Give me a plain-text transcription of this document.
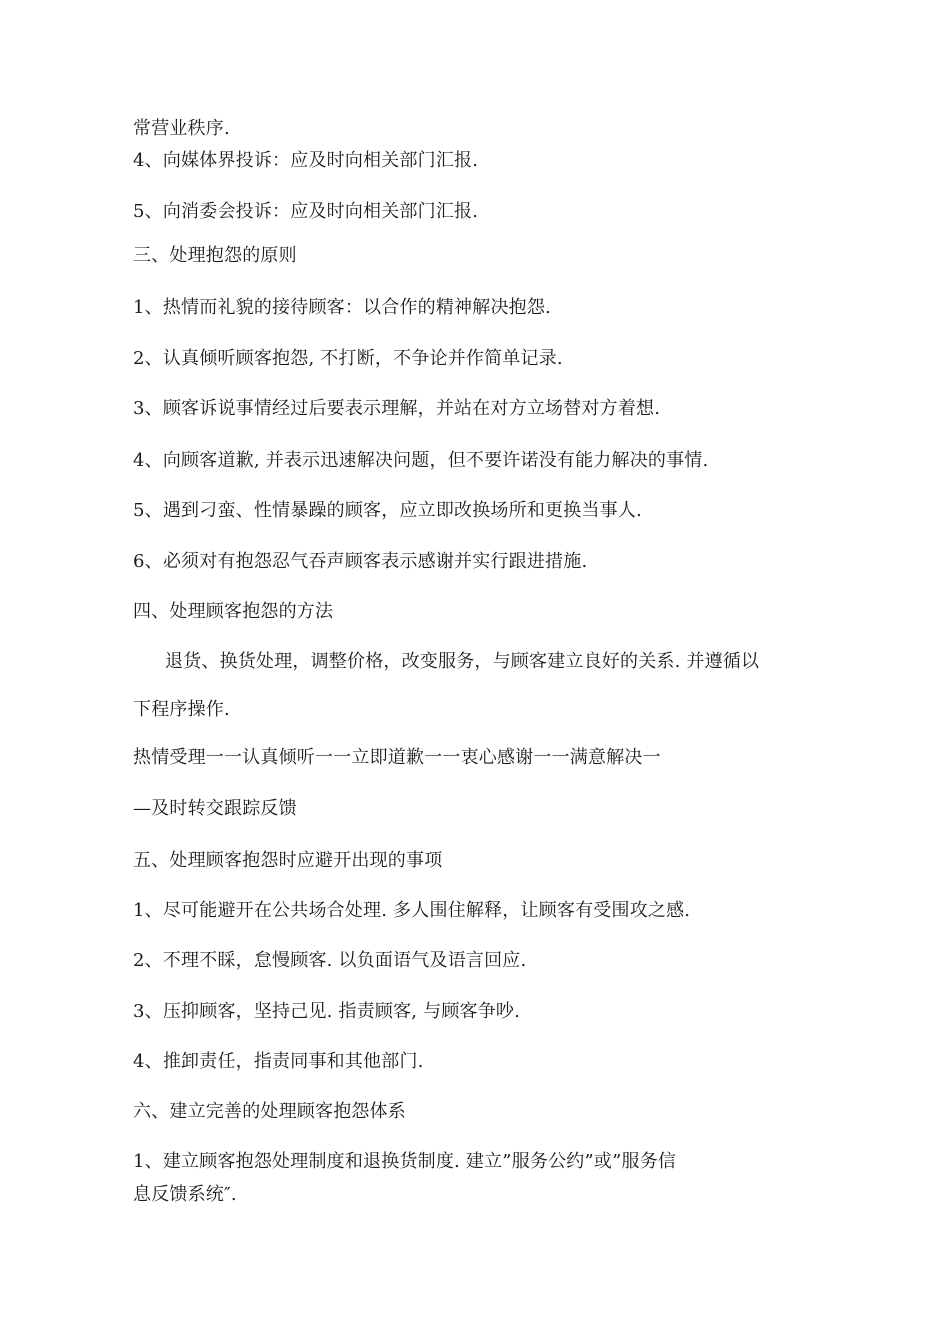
常营业秩序.
4、向媒体界投诉：应及时向相关部门汇报.
5、向消委会投诉：应及时向相关部门汇报.
三、处理抱怨的原则
1、热情而礼貌的接待顾客：以合作的精神解决抱怨.
2、认真倾听顾客抱怨, 不打断，不争论并作简单记录.
3、顾客诉说事情经过后要表示理解，并站在对方立场替对方着想.
4、向顾客道歉, 并表示迅速解决问题，但不要许诺没有能力解决的事情.
5、遇到刁蛮、性情暴躁的顾客，应立即改换场所和更换当事人.
6、必须对有抱怨忍气吞声顾客表示感谢并实行跟进措施.
四、处理顾客抱怨的方法
退货、换货处理，调整价格，改变服务，与顾客建立良好的关系. 并遵循以
下程序操作.
热情受理一一认真倾听一一立即道歉一一衷心感谢一一满意解决一
—及时转交跟踪反馈
五、处理顾客抱怨时应避开出现的事项
1、尽可能避开在公共场合处理. 多人围住解释，让顾客有受围攻之感.
2、不理不睬，怠慢顾客. 以负面语气及语言回应.
3、压抑顾客，坚持己见. 指责顾客, 与顾客争吵.
4、推卸责任，指责同事和其他部门.
六、建立完善的处理顾客抱怨体系
1、建立顾客抱怨处理制度和退换货制度. 建立”服务公约”或”服务信
息反馈系统″.
